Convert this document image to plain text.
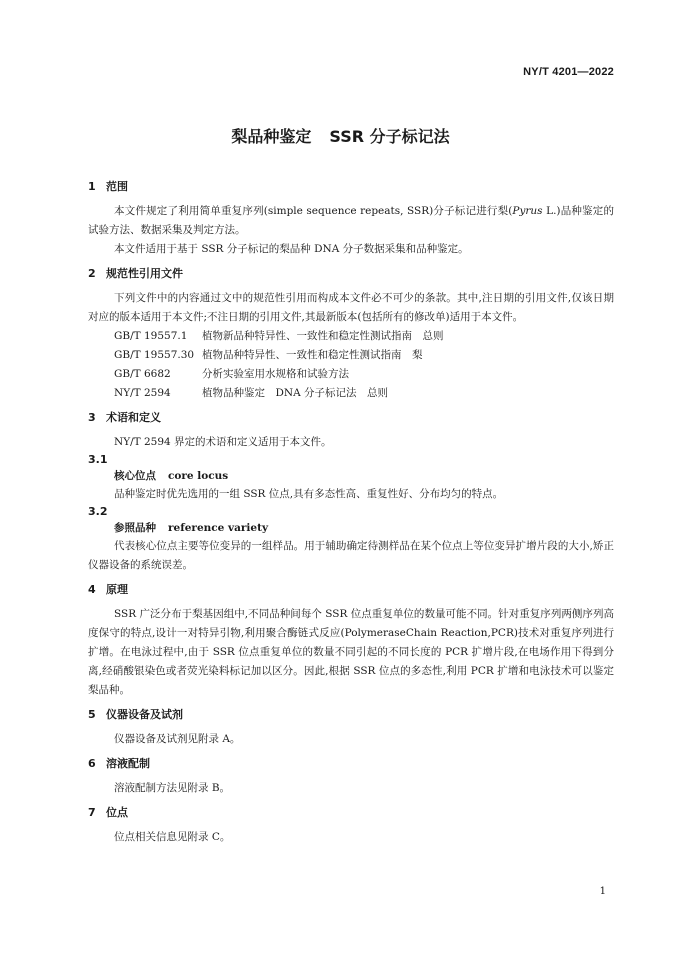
NY/T 4201—2022
梨品种鉴定 SSR 分子标记法
1 范围

本文件规定了利用简单重复序列(simple sequence repeats, SSR)分子标记进行梨(Pyrus L.)品种鉴定的试验方法、数据采集及判定方法。

本文件适用于基于 SSR 分子标记的梨品种 DNA 分子数据采集和品种鉴定。

2 规范性引用文件

下列文件中的内容通过文中的规范性引用而构成本文件必不可少的条款。其中,注日期的引用文件,仅该日期对应的版本适用于本文件;不注日期的引用文件,其最新版本(包括所有的修改单)适用于本文件。

GB/T 19557.1 植物新品种特异性、一致性和稳定性测试指南　总则
GB/T 19557.30 植物品种特异性、一致性和稳定性测试指南　梨
GB/T 6682	分析实验室用水规格和试验方法
NY/T 2594	植物品种鉴定　DNA 分子标记法　总则
3 术语和定义

NY/T 2594 界定的术语和定义适用于本文件。

3.1
核心位点 core locus

品种鉴定时优先选用的一组 SSR 位点,具有多态性高、重复性好、分布均匀的特点。

3.2
参照品种 reference variety

代表核心位点主要等位变异的一组样品。用于辅助确定待测样品在某个位点上等位变异扩增片段的大小,矫正仪器设备的系统误差。

4 原理

SSR 广泛分布于梨基因组中,不同品种间每个 SSR 位点重复单位的数量可能不同。针对重复序列两侧序列高度保守的特点,设计一对特异引物,利用聚合酶链式反应(PolymeraseChain Reaction,PCR)技术对重复序列进行扩增。在电泳过程中,由于 SSR 位点重复单位的数量不同引起的不同长度的 PCR 扩增片段,在电场作用下得到分离,经硝酸银染色或者荧光染料标记加以区分。因此,根据 SSR 位点的多态性,利用 PCR 扩增和电泳技术可以鉴定梨品种。

5 仪器设备及试剂

仪器设备及试剂见附录 A。

6 溶液配制

溶液配制方法见附录 B。

7 位点

位点相关信息见附录 C。

1
